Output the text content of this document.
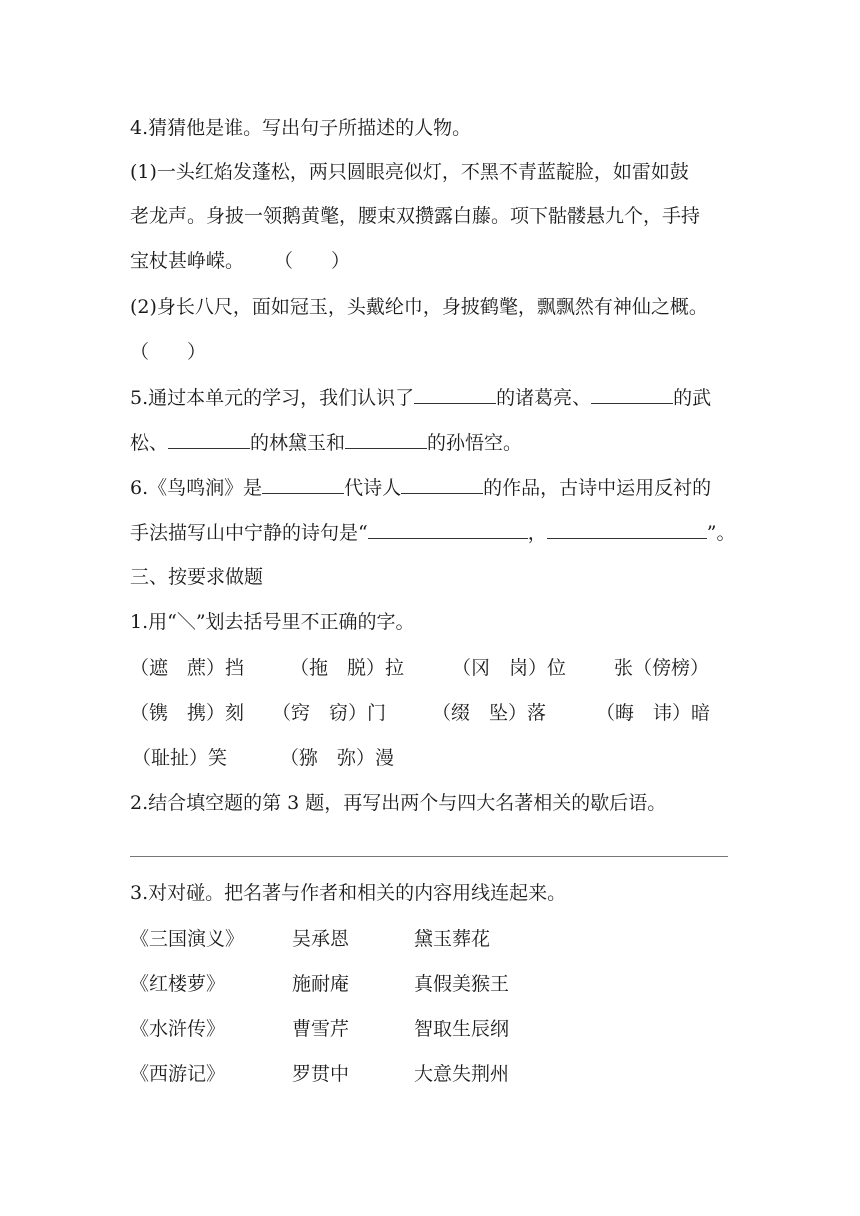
4.猜猜他是谁。写出句子所描述的人物。
(1)一头红焰发蓬松，两只圆眼亮似灯，不黑不青蓝靛脸，如雷如鼓
老龙声。身披一领鹅黄氅，腰束双攒露白藤。项下骷髅悬九个，手持
宝杖甚峥嵘。 （　　）
(2)身长八尺，面如冠玉，头戴纶巾，身披鹤氅，飘飘然有神仙之概。
（　　）
5.通过本单元的学习，我们认识了	的诸葛亮、	的武
松、	的林黛玉和	的孙悟空。
6.《鸟鸣涧》是	代诗人	的作品，古诗中运用反衬的
手法描写山中宁静的诗句是“	，	”。
三、按要求做题
1.用“＼”划去括号里不正确的字。
（遮　蔗）挡 （拖　脱）拉	（冈　岗）位	张（傍榜）
（镌　携）刻 （窍　窃）门 （缀　坠）落	（晦　讳）暗
（耻扯）笑	（猕　弥）漫
2.结合填空题的第 3 题，再写出两个与四大名著相关的歇后语。
3.对对碰。把名著与作者和相关的内容用线连起来。
《三国演义》	吴承恩	黛玉葬花
《红楼萝》	施耐庵	真假美猴王
《水浒传》	曹雪芹	智取生辰纲
《西游记》	罗贯中	大意失荆州
